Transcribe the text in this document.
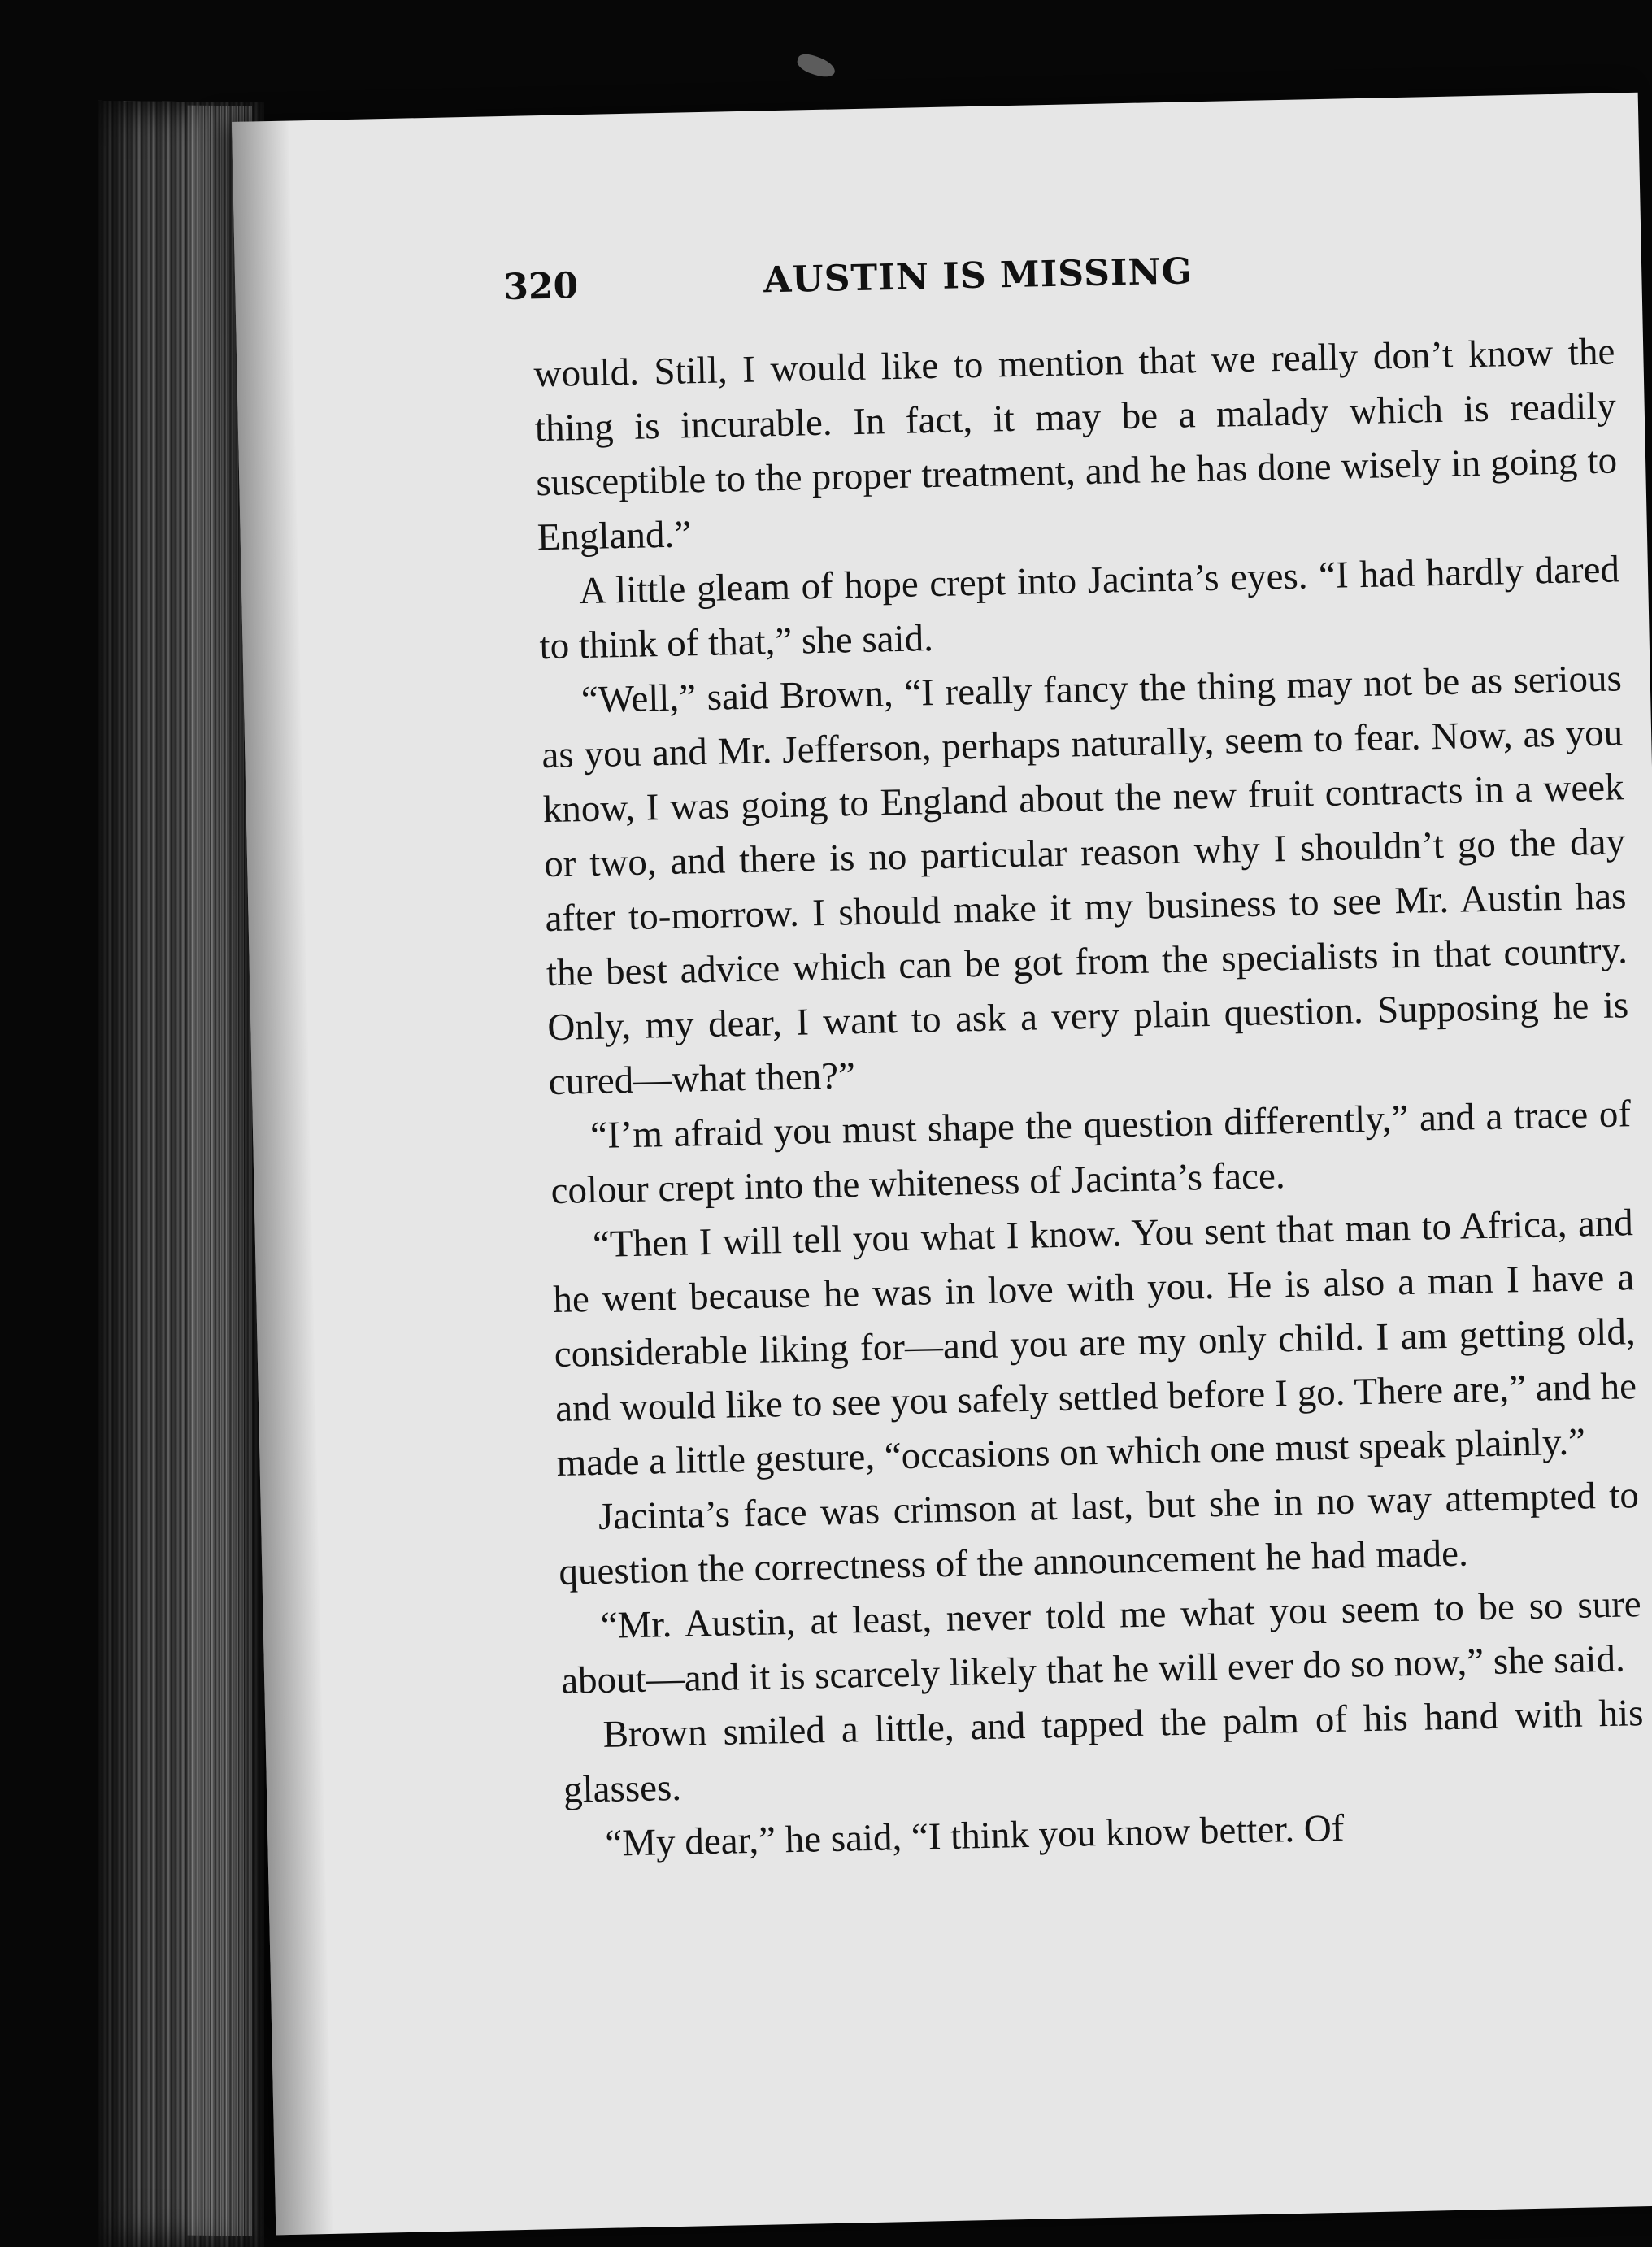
320	AUSTIN IS MISSING

would. Still, I would like to mention that we really don’t know the thing is incurable. In fact, it may be a malady which is readily susceptible to the proper treatment, and he has done wisely in going to England.”

A little gleam of hope crept into Jacinta’s eyes. “I had hardly dared to think of that,” she said.

“Well,” said Brown, “I really fancy the thing may not be as serious as you and Mr. Jefferson, perhaps naturally, seem to fear. Now, as you know, I was going to England about the new fruit contracts in a week or two, and there is no particular reason why I shouldn’t go the day after to-morrow. I should make it my business to see Mr. Austin has the best advice which can be got from the specialists in that country. Only, my dear, I want to ask a very plain question. Supposing he is cured—what then?”

“I’m afraid you must shape the question differently,” and a trace of colour crept into the whiteness of Jacinta’s face.

“Then I will tell you what I know. You sent that man to Africa, and he went because he was in love with you. He is also a man I have a considerable liking for—and you are my only child. I am getting old, and would like to see you safely settled before I go. There are,” and he made a little gesture, “occasions on which one must speak plainly.”

Jacinta’s face was crimson at last, but she in no way attempted to question the correctness of the announcement he had made.

“Mr. Austin, at least, never told me what you seem to be so sure about—and it is scarcely likely that he will ever do so now,” she said.

Brown smiled a little, and tapped the palm of his hand with his glasses.

“My dear,” he said, “I think you know better. Of
